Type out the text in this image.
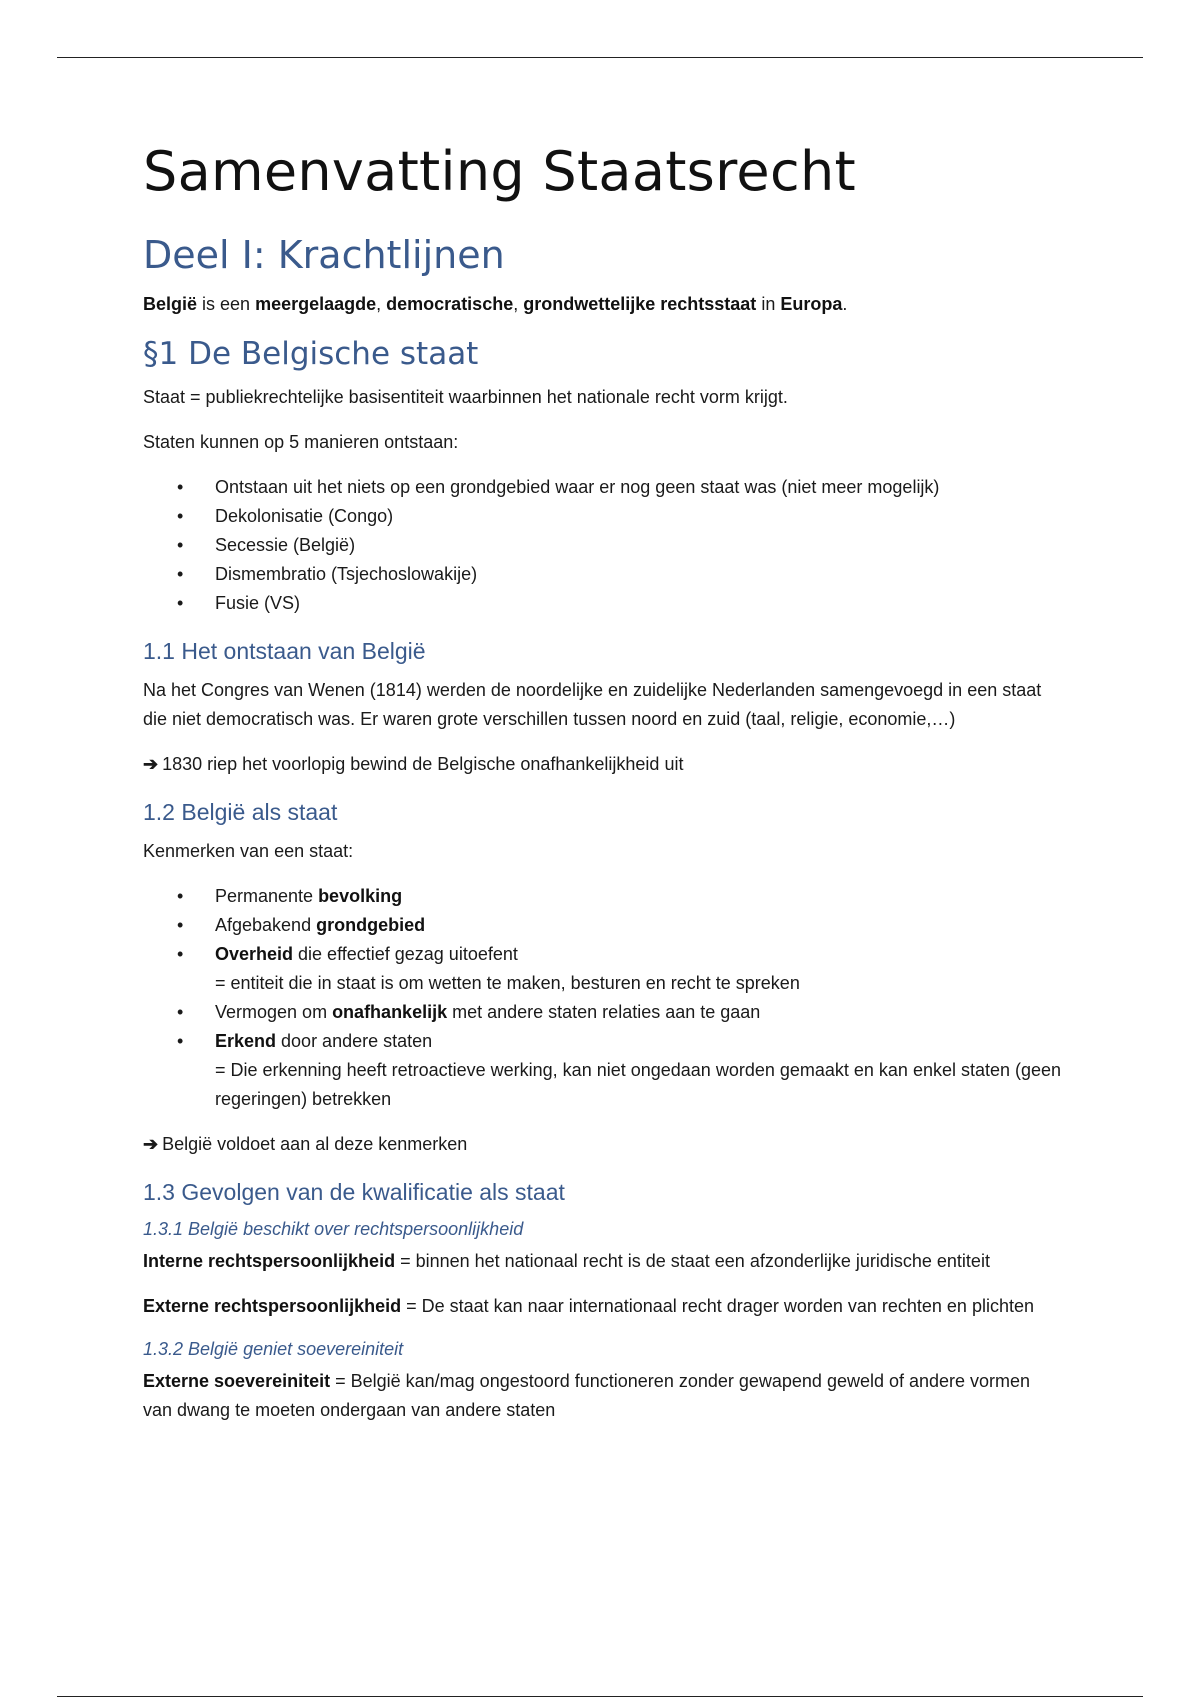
Samenvatting Staatsrecht
Deel I: Krachtlijnen

België is een meergelaagde, democratische, grondwettelijke rechtsstaat in Europa.

§1 De Belgische staat

Staat = publiekrechtelijke basisentiteit waarbinnen het nationale recht vorm krijgt.

Staten kunnen op 5 manieren ontstaan:

• Ontstaan uit het niets op een grondgebied waar er nog geen staat was (niet meer mogelijk)
• Dekolonisatie (Congo)
• Secessie (België)
• Dismembratio (Tsjechoslowakije)
• Fusie (VS)
1.1 Het ontstaan van België

Na het Congres van Wenen (1814) werden de noordelijke en zuidelijke Nederlanden samengevoegd in een staat die niet democratisch was. Er waren grote verschillen tussen noord en zuid (taal, religie, economie,…)

➔ 1830 riep het voorlopig bewind de Belgische onafhankelijkheid uit

1.2 België als staat

Kenmerken van een staat:

• Permanente bevolking
• Afgebakend grondgebied
• Overheid die effectief gezag uitoefent
= entiteit die in staat is om wetten te maken, besturen en recht te spreken
• Vermogen om onafhankelijk met andere staten relaties aan te gaan
• Erkend door andere staten
= Die erkenning heeft retroactieve werking, kan niet ongedaan worden gemaakt en kan enkel staten (geen regeringen) betrekken

➔ België voldoet aan al deze kenmerken

1.3 Gevolgen van de kwalificatie als staat
1.3.1 België beschikt over rechtspersoonlijkheid

Interne rechtspersoonlijkheid = binnen het nationaal recht is de staat een afzonderlijke juridische entiteit

Externe rechtspersoonlijkheid = De staat kan naar internationaal recht drager worden van rechten en plichten

1.3.2 België geniet soevereiniteit

Externe soevereiniteit = België kan/mag ongestoord functioneren zonder gewapend geweld of andere vormen van dwang te moeten ondergaan van andere staten
